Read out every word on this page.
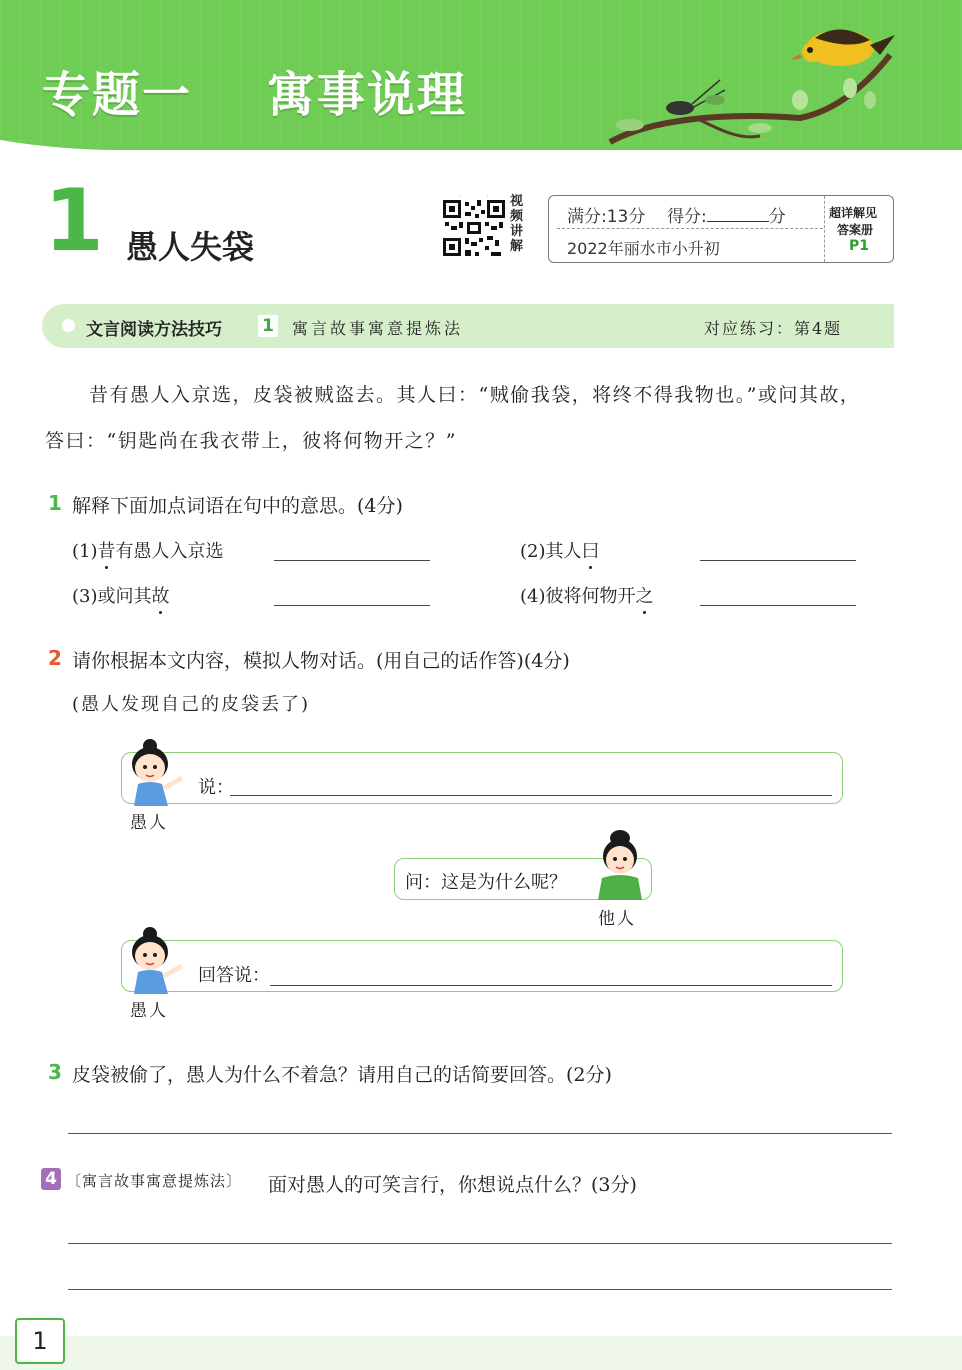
专题一    寓事说理
1 愚人失袋
视频讲解
满分:13分    得分:	分
2022年丽水市小升初
超详解见
答案册
P1
文言阅读方法技巧 1 寓言故事寓意提炼法	对应练习：第4题
昔有愚人入京选，皮袋被贼盗去。其人曰：“贼偷我袋，将终不得我物也。”或问其故，
答曰：“钥匙尚在我衣带上，彼将何物开之？”
1 解释下面加点词语在句中的意思。(4分)
(1)昔有愚人入京选	(2)其人曰
(3)或问其故	(4)彼将何物开之
2 请你根据本文内容，模拟人物对话。(用自己的话作答)(4分)
(愚人发现自己的皮袋丢了)
说：
愚人
问：这是为什么呢？
他人
回答说：
愚人
3 皮袋被偷了，愚人为什么不着急？请用自己的话简要回答。(2分)
4 〔寓言故事寓意提炼法〕 面对愚人的可笑言行，你想说点什么？(3分)
1
